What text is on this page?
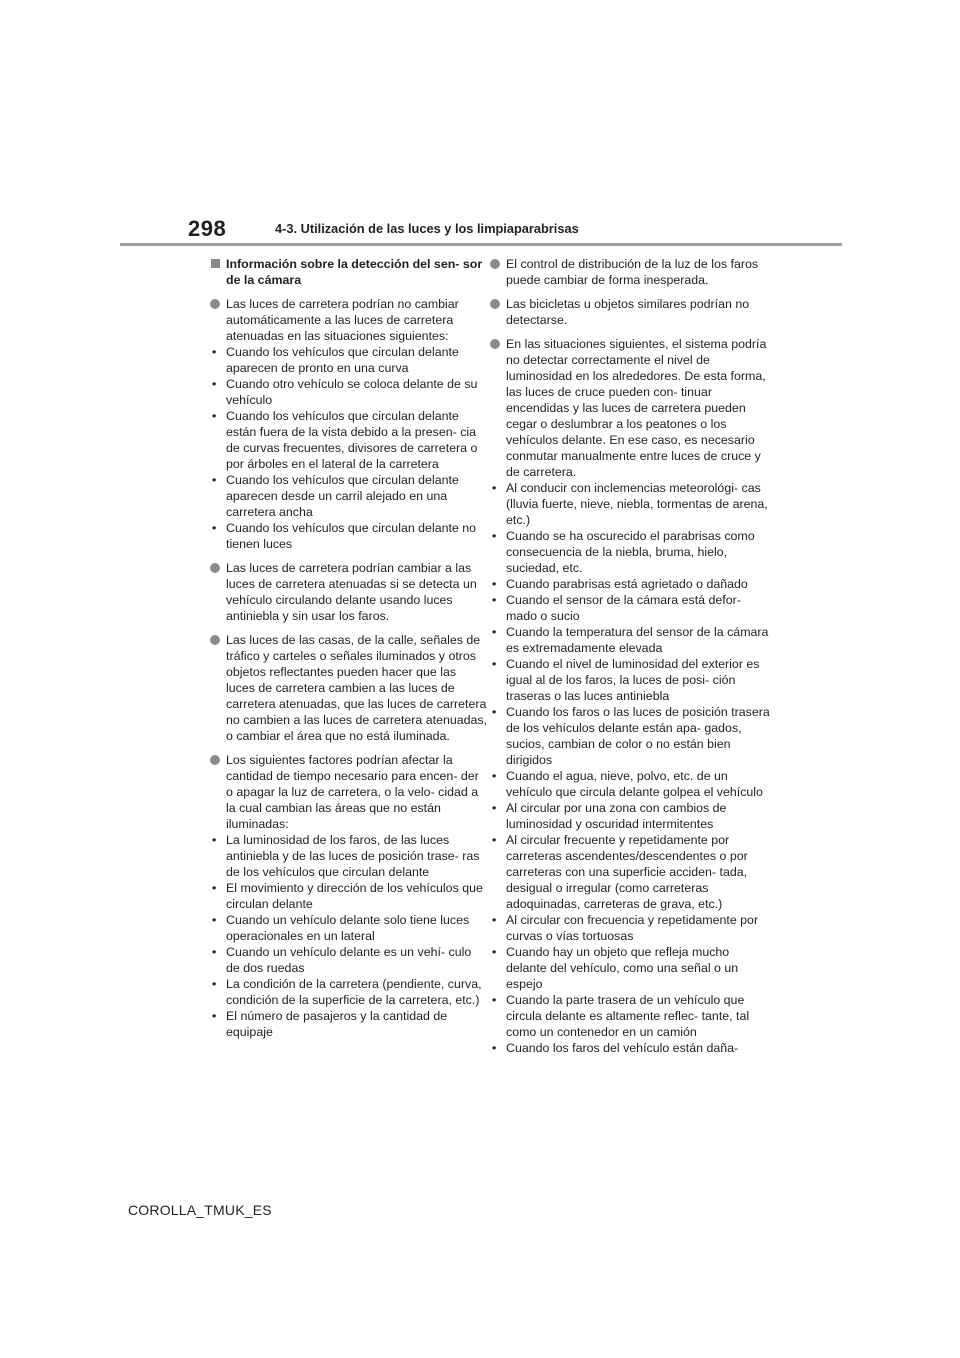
298	4-3. Utilización de las luces y los limpiaparabrisas
Información sobre la detección del sen- sor de la cámara
Las luces de carretera podrían no cambiar automáticamente a las luces de carretera atenuadas en las situaciones siguientes:
• Cuando los vehículos que circulan delante aparecen de pronto en una curva
• Cuando otro vehículo se coloca delante de su vehículo
• Cuando los vehículos que circulan delante están fuera de la vista debido a la presen- cia de curvas frecuentes, divisores de carretera o por árboles en el lateral de la carretera
• Cuando los vehículos que circulan delante aparecen desde un carril alejado en una carretera ancha
• Cuando los vehículos que circulan delante no tienen luces
Las luces de carretera podrían cambiar a las luces de carretera atenuadas si se detecta un vehículo circulando delante usando luces antiniebla y sin usar los faros.
Las luces de las casas, de la calle, señales de tráfico y carteles o señales iluminados y otros objetos reflectantes pueden hacer que las luces de carretera cambien a las luces de carretera atenuadas, que las luces de carretera no cambien a las luces de carretera atenuadas, o cambiar el área que no está iluminada.
Los siguientes factores podrían afectar la cantidad de tiempo necesario para encen- der o apagar la luz de carretera, o la velo- cidad a la cual cambian las áreas que no están iluminadas:
• La luminosidad de los faros, de las luces antiniebla y de las luces de posición trase- ras de los vehículos que circulan delante
• El movimiento y dirección de los vehículos que circulan delante
• Cuando un vehículo delante solo tiene luces operacionales en un lateral
• Cuando un vehículo delante es un vehí- culo de dos ruedas
• La condición de la carretera (pendiente, curva, condición de la superficie de la carretera, etc.)
• El número de pasajeros y la cantidad de equipaje
El control de distribución de la luz de los faros puede cambiar de forma inesperada.
Las bicicletas u objetos similares podrían no detectarse.
En las situaciones siguientes, el sistema podría no detectar correctamente el nivel de luminosidad en los alrededores. De esta forma, las luces de cruce pueden con- tinuar encendidas y las luces de carretera pueden cegar o deslumbrar a los peatones o los vehículos delante. En ese caso, es necesario conmutar manualmente entre luces de cruce y de carretera.
• Al conducir con inclemencias meteorológi- cas (lluvia fuerte, nieve, niebla, tormentas de arena, etc.)
• Cuando se ha oscurecido el parabrisas como consecuencia de la niebla, bruma, hielo, suciedad, etc.
• Cuando parabrisas está agrietado o dañado
• Cuando el sensor de la cámara está defor- mado o sucio
• Cuando la temperatura del sensor de la cámara es extremadamente elevada
• Cuando el nivel de luminosidad del exterior es igual al de los faros, la luces de posi- ción traseras o las luces antiniebla
• Cuando los faros o las luces de posición trasera de los vehículos delante están apa- gados, sucios, cambian de color o no están bien dirigidos
• Cuando el agua, nieve, polvo, etc. de un vehículo que circula delante golpea el vehículo
• Al circular por una zona con cambios de luminosidad y oscuridad intermitentes
• Al circular frecuente y repetidamente por carreteras ascendentes/descendentes o por carreteras con una superficie acciden- tada, desigual o irregular (como carreteras adoquinadas, carreteras de grava, etc.)
• Al circular con frecuencia y repetidamente por curvas o vías tortuosas
• Cuando hay un objeto que refleja mucho delante del vehículo, como una señal o un espejo
• Cuando la parte trasera de un vehículo que circula delante es altamente reflec- tante, tal como un contenedor en un camión
• Cuando los faros del vehículo están daña-
COROLLA_TMUK_ES
